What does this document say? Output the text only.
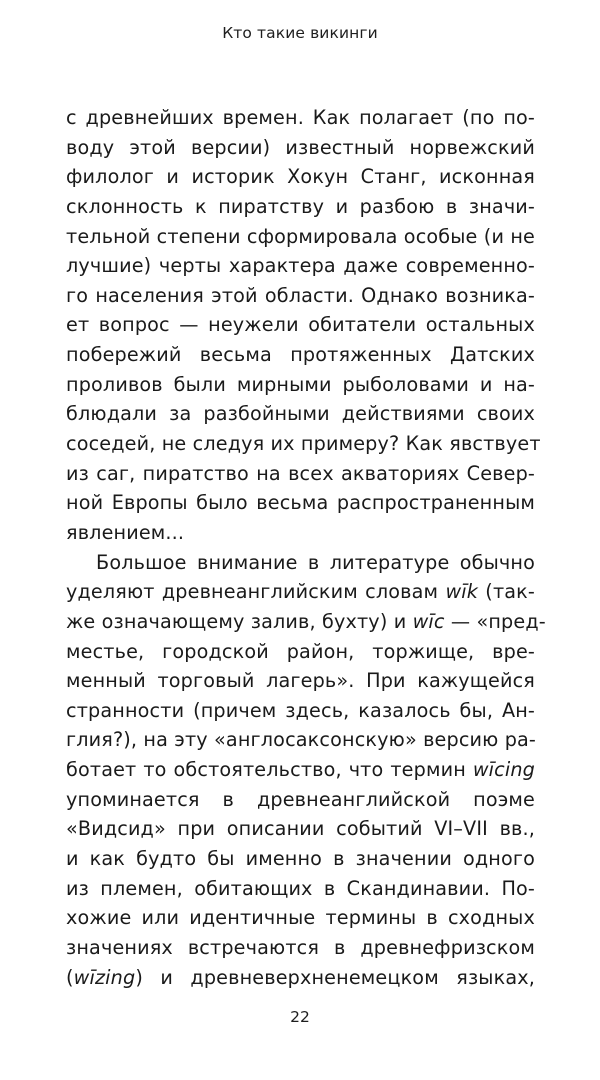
Кто такие викинги
с древнейших времен. Как полагает (по по-
воду этой версии) известный норвежский
филолог и историк Хокун Станг, исконная
склонность к пиратству и разбою в значи-
тельной степени сформировала особые (и не
лучшие) черты характера даже современно-
го населения этой области. Однако возника-
ет вопрос — неужели обитатели остальных
побережий весьма протяженных Датских
проливов были мирными рыболовами и на-
блюдали за разбойными действиями своих
соседей, не следуя их примеру? Как явствует
из саг, пиратство на всех акваториях Север-
ной Европы было весьма распространенным
явлением...
Большое внимание в литературе обычно
уделяют древнеанглийским словам wīk (так-
же означающему залив, бухту) и wīc — «пред-
местье, городской район, торжище, вре-
менный торговый лагерь». При кажущейся
странности (причем здесь, казалось бы, Ан-
глия?), на эту «англосаксонскую» версию ра-
ботает то обстоятельство, что термин wīcing
упоминается в древнеанглийской поэме
«Видсид» при описании событий VI–VII вв.,
и как будто бы именно в значении одного
из племен, обитающих в Скандинавии. По-
хожие или идентичные термины в сходных
значениях встречаются в древнефризском
(wīzing) и древневерхненемецком языках,
22
